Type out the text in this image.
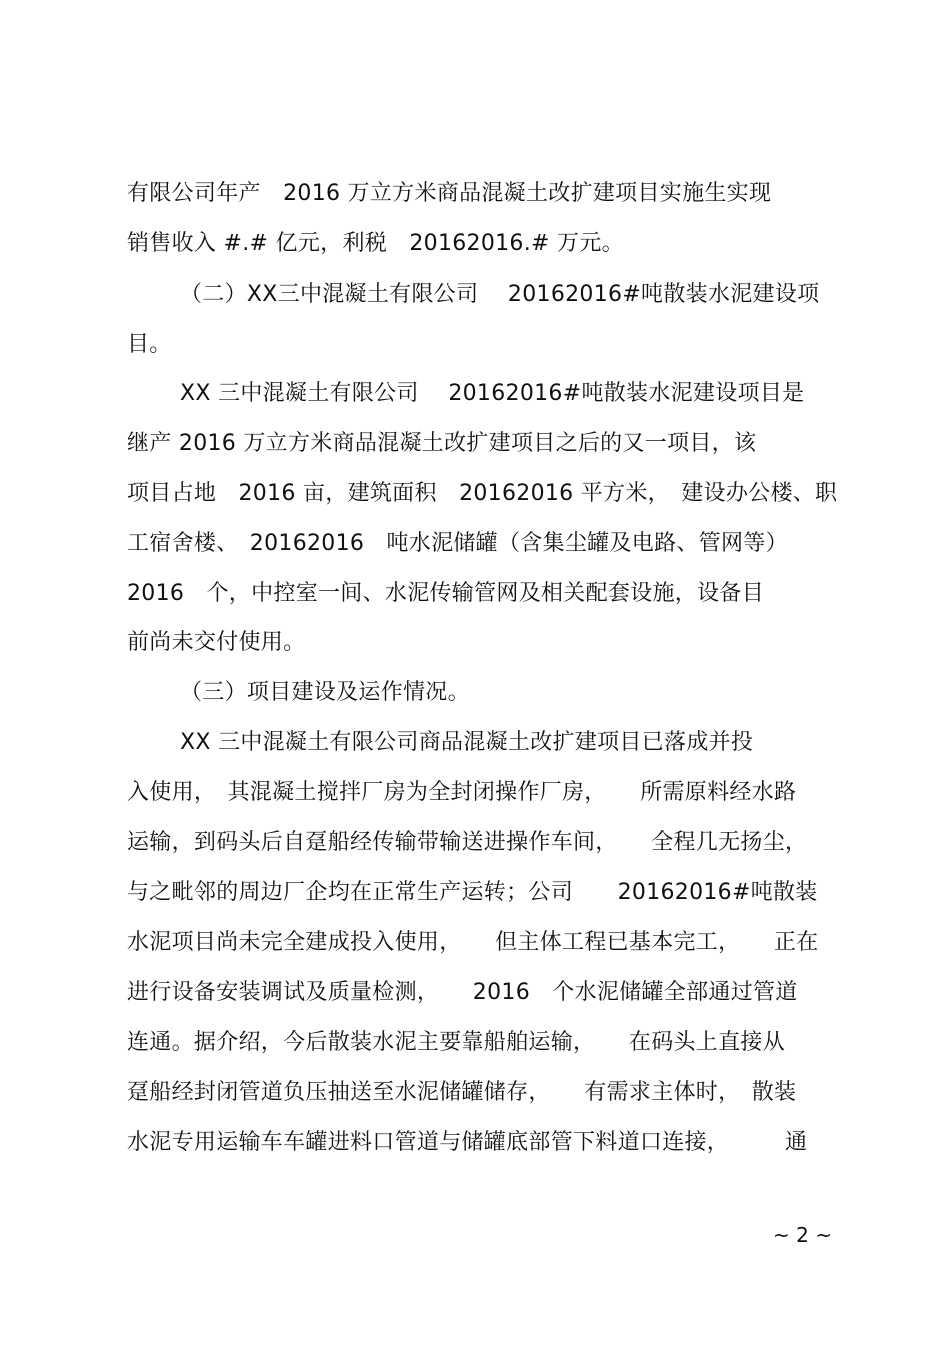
有限公司年产　2016 万立方米商品混凝土改扩建项目实施生实现
销售收入 #.# 亿元，利税　20162016.# 万元。
（二）XX三中混凝土有限公司　 20162016#吨散装水泥建设项
目。
XX 三中混凝土有限公司　 20162016#吨散装水泥建设项目是
继产 2016 万立方米商品混凝土改扩建项目之后的又一项目，该
项目占地　2016 亩，建筑面积　20162016 平方米，　建设办公楼、职
工宿舍楼、　20162016　吨水泥储罐（含集尘罐及电路、管网等）
2016　个，中控室一间、水泥传输管网及相关配套设施，设备目
前尚未交付使用。
（三）项目建设及运作情况。
XX 三中混凝土有限公司商品混凝土改扩建项目已落成并投
入使用，　其混凝土搅拌厂房为全封闭操作厂房，　　所需原料经水路
运输，到码头后自趸船经传输带输送进操作车间，　　全程几无扬尘，
与之毗邻的周边厂企均在正常生产运转；公司　　20162016#吨散装
水泥项目尚未完全建成投入使用，　　但主体工程已基本完工，　　正在
进行设备安装调试及质量检测，　　2016　个水泥储罐全部通过管道
连通。据介绍，今后散装水泥主要靠船舶运输，　　在码头上直接从
趸船经封闭管道负压抽送至水泥储罐储存，　　有需求主体时，　散装
水泥专用运输车车罐进料口管道与储罐底部管下料道口连接，　　　通
~ 2 ~
